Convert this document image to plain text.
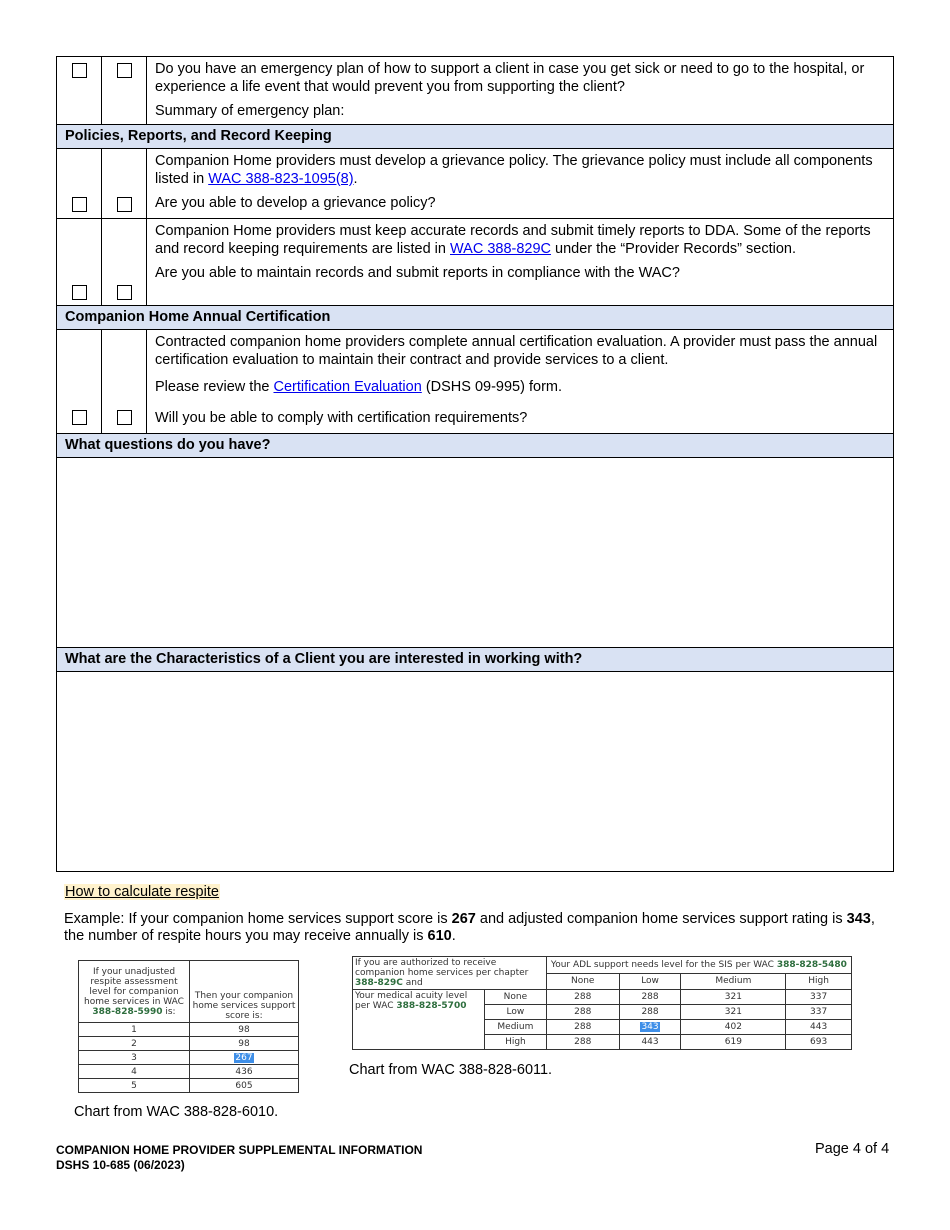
		Do you have an emergency plan of how to support a client in case you get sick or need to go to the hospital, or experience a life event that would prevent you from supporting the client?

Summary of emergency plan:

Policies, Reports, and Record Keeping		

		Companion Home providers must develop a grievance policy. The grievance policy must include all components listed in WAC 388-823-1095(8).

Are you able to develop a grievance policy?

		Companion Home providers must keep accurate records and submit timely reports to DDA. Some of the reports and record keeping requirements are listed in WAC 388-829C under the “Provider Records” section.

Are you able to maintain records and submit reports in compliance with the WAC?

Companion Home Annual Certification		

		Contracted companion home providers complete annual certification evaluation. A provider must pass the annual certification evaluation to maintain their contract and provide services to a client.

Please review the Certification Evaluation (DSHS 09-995) form.

Will you be able to comply with certification requirements?

What questions do you have?		

What are the Characteristics of a Client you are interested in working with?		

How to calculate respite
Example: If your companion home services support score is 267 and adjusted companion home services support rating is 343, the number of respite hours you may receive annually is 610.
If your unadjusted respite assessment level for companion home services in WAC 388-828-5990 is:	Then your companion home services support score is:
1	98
2	98
3	267
4	436
5	605
Chart from WAC 388-828-6010.
If you are authorized to receive companion home services per chapter 388-829C and		Your ADL support needs level for the SIS per WAC 388-828-5480			
		None	Low	Medium	High
Your medical acuity level per WAC 388-828-5700	None	288	288	321	337
	Low	288	288	321	337
	Medium	288	343	402	443
	High	288	443	619	693
Chart from WAC 388-828-6011.
COMPANION HOME PROVIDER SUPPLEMENTAL INFORMATION
DSHS 10-685 (06/2023)
Page 4 of 4
